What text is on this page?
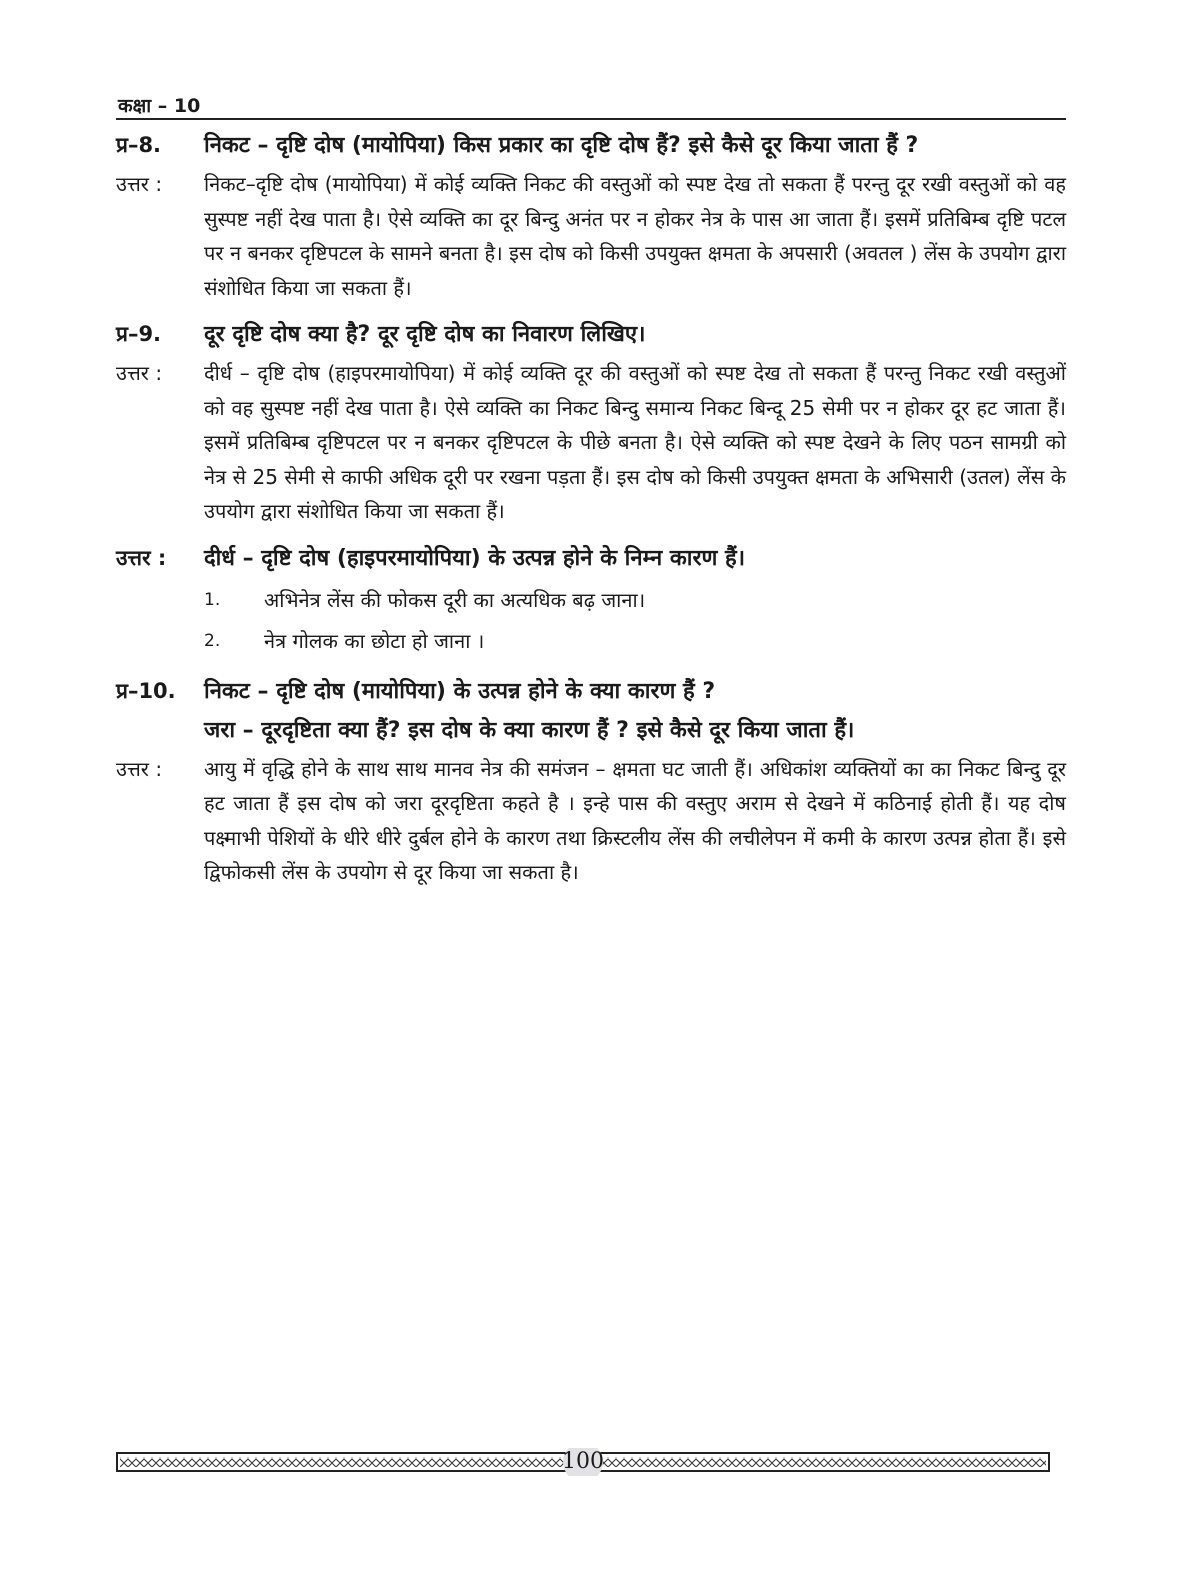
कक्षा – 10
प्र–8.	निकट – दृष्टि दोष (मायोपिया) किस प्रकार का दृष्टि दोष हैं? इसे कैसे दूर किया जाता हैं ?
उत्तर :	निकट–दृष्टि दोष (मायोपिया) में कोई व्यक्ति निकट की वस्तुओं को स्पष्ट देख तो सकता हैं परन्तु दूर रखी वस्तुओं को वह सुस्पष्ट नहीं देख पाता है। ऐसे व्यक्ति का दूर बिन्दु अनंत पर न होकर नेत्र के पास आ जाता हैं। इसमें प्रतिबिम्ब दृष्टि पटल पर न बनकर दृष्टिपटल के सामने बनता है। इस दोष को किसी उपयुक्त क्षमता के अपसारी (अवतल ) लेंस के उपयोग द्वारा संशोधित किया जा सकता हैं।
प्र–9.	दूर दृष्टि दोष क्या है? दूर दृष्टि दोष का निवारण लिखिए।
उत्तर :	दीर्ध – दृष्टि दोष (हाइपरमायोपिया) में कोई व्यक्ति दूर की वस्तुओं को स्पष्ट देख तो सकता हैं परन्तु निकट रखी वस्तुओं को वह सुस्पष्ट नहीं देख पाता है। ऐसे व्यक्ति का निकट बिन्दु समान्य निकट बिन्दू 25 सेमी पर न होकर दूर हट जाता हैं। इसमें प्रतिबिम्ब दृष्टिपटल पर न बनकर दृष्टिपटल के पीछे बनता है। ऐसे व्यक्ति को स्पष्ट देखने के लिए पठन सामग्री को नेत्र से 25 सेमी से काफी अधिक दूरी पर रखना पड़ता हैं। इस दोष को किसी उपयुक्त क्षमता के अभिसारी (उतल) लेंस के उपयोग द्वारा संशोधित किया जा सकता हैं।
उत्तर :	दीर्ध – दृष्टि दोष (हाइपरमायोपिया) के उत्पन्न होने के निम्न कारण हैं।
1.	अभिनेत्र लेंस की फोकस दूरी का अत्यधिक बढ़ जाना।
2.	नेत्र गोलक का छोटा हो जाना ।
प्र–10.	निकट – दृष्टि दोष (मायोपिया) के उत्पन्न होने के क्या कारण हैं ?
जरा – दूरदृष्टिता क्या हैं? इस दोष के क्या कारण हैं ? इसे कैसे दूर किया जाता हैं।
उत्तर :	आयु में वृद्धि होने के साथ साथ मानव नेत्र की समंजन – क्षमता घट जाती हैं। अधिकांश व्यक्तियों का का निकट बिन्दु दूर हट जाता हैं इस दोष को जरा दूरदृष्टिता कहते है । इन्हे पास की वस्तुए अराम से देखने में कठिनाई होती हैं। यह दोष पक्ष्माभी पेशियों के धीरे धीरे दुर्बल होने के कारण तथा क्रिस्टलीय लेंस की लचीलेपन में कमी के कारण उत्पन्न होता हैं। इसे द्विफोकसी लेंस के उपयोग से दूर किया जा सकता है।
100
